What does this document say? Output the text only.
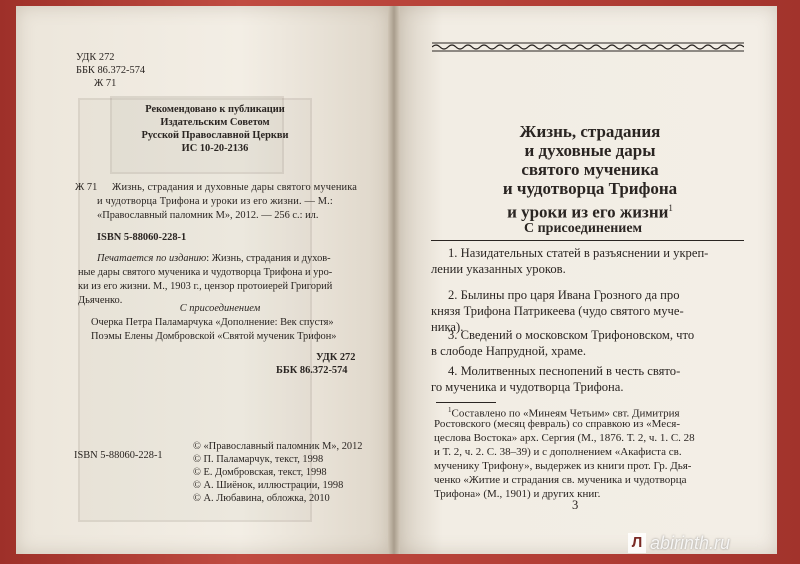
УДК 272
ББК 86.372-574
Ж 71
Рекомендовано к публикации
Издательским Советом
Русской Православной Церкви
ИС 10-20-2136
Ж 71 Жизнь, страдания и духовные дары святого мученика
и чудотворца Трифона и уроки из его жизни. — М.:
«Православный паломник М», 2012. — 256 с.: ил.
ISBN 5-88060-228-1
Печатается по изданию: Жизнь, страдания и духов-
ные дары святого мученика и чудотворца Трифона и уро-
ки из его жизни. М., 1903 г., цензор протоиерей Григорий
Дьяченко.
С присоединением
Очерка Петра Паламарчука «Дополнение: Век спустя»
Поэмы Елены Домбровской «Святой мученик Трифон»
УДК 272
ББК 86.372-574
ISBN 5-88060-228-1
© «Православный паломник М», 2012
© П. Паламарчук, текст, 1998
© Е. Домбровская, текст, 1998
© А. Шиёнок, иллюстрации, 1998
© А. Любавина, обложка, 2010
Жизнь, страдания
и духовные дары
святого мученика
и чудотворца Трифона
и уроки из его жизни$^1$
С присоединением
1. Назидательных статей в разъяснении и укреп-
лении указанных уроков.
2. Былины про царя Ивана Грозного да про
князя Трифона Патрикеева (чудо святого муче-
ника).
3. Сведений о московском Трифоновском, что
в слободе Напрудной, храме.
4. Молитвенных песнопений в честь свято-
го мученика и чудотворца Трифона.
$^1$Составлено по «Минеям Четьим» свт. Димитрия
Ростовского (месяц февраль) со справкою из «Меся-
цеслова Востока» арх. Сергия (М., 1876. Т. 2, ч. 1. С. 28
и Т. 2, ч. 2. С. 38–39) и с дополнением «Акафиста св.
мученику Трифону», выдержек из книги прот. Гр. Дья-
ченко «Житие и страдания св. мученика и чудотворца
Трифона» (М., 1901) и других книг.
3
Л abirinth.ru
